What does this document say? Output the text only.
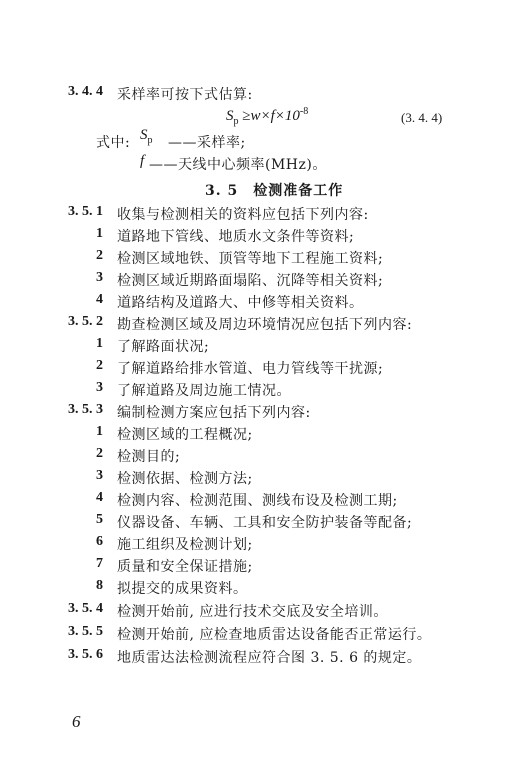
3. 4. 4 采样率可按下式估算:
$S_p \ge w\times f\times 10^{-8}$	(3. 4. 4)
式中: $S_p$ ——采样率;
f ——天线中心频率(MHz)。
3. 5　检测准备工作
3. 5. 1 收集与检测相关的资料应包括下列内容:
1 道路地下管线、地质水文条件等资料;
2 检测区域地铁、顶管等地下工程施工资料;
3 检测区域近期路面塌陷、沉降等相关资料;
4 道路结构及道路大、中修等相关资料。
3. 5. 2 勘查检测区域及周边环境情况应包括下列内容:
1 了解路面状况;
2 了解道路给排水管道、电力管线等干扰源;
3 了解道路及周边施工情况。
3. 5. 3 编制检测方案应包括下列内容:
1 检测区域的工程概况;
2 检测目的;
3 检测依据、检测方法;
4 检测内容、检测范围、测线布设及检测工期;
5 仪器设备、车辆、工具和安全防护装备等配备;
6 施工组织及检测计划;
7 质量和安全保证措施;
8 拟提交的成果资料。
3. 5. 4 检测开始前, 应进行技术交底及安全培训。
3. 5. 5 检测开始前, 应检查地质雷达设备能否正常运行。
3. 5. 6 地质雷达法检测流程应符合图 3. 5. 6 的规定。
6
